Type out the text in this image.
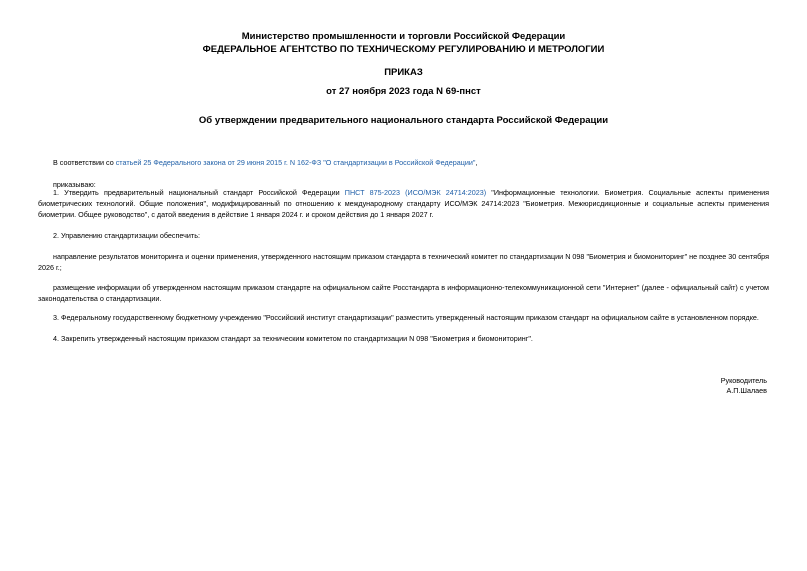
Министерство промышленности и торговли Российской Федерации
ФЕДЕРАЛЬНОЕ АГЕНТСТВО ПО ТЕХНИЧЕСКОМУ РЕГУЛИРОВАНИЮ И МЕТРОЛОГИИ
ПРИКАЗ
от 27 ноября 2023 года N 69-пнст
Об утверждении предварительного национального стандарта Российской Федерации
В соответствии со статьей 25 Федерального закона от 29 июня 2015 г. N 162-ФЗ "О стандартизации в Российской Федерации",
приказываю:
1. Утвердить предварительный национальный стандарт Российской Федерации ПНСТ 875-2023 (ИСО/МЭК 24714:2023) "Информационные технологии. Биометрия. Социальные аспекты применения биометрических технологий. Общие положения", модифицированный по отношению к международному стандарту ИСО/МЭК 24714:2023 "Биометрия. Межюрисдикционные и социальные аспекты применения биометрии. Общее руководство", с датой введения в действие 1 января 2024 г. и сроком действия до 1 января 2027 г.
2. Управлению стандартизации обеспечить:
направление результатов мониторинга и оценки применения, утвержденного настоящим приказом стандарта в технический комитет по стандартизации N 098 "Биометрия и биомониторинг" не позднее 30 сентября 2026 г.;
размещение информации об утвержденном настоящим приказом стандарте на официальном сайте Росстандарта в информационно-телекоммуникационной сети "Интернет" (далее - официальный сайт) с учетом законодательства о стандартизации.
3. Федеральному государственному бюджетному учреждению "Российский институт стандартизации" разместить утвержденный настоящим приказом стандарт на официальном сайте в установленном порядке.
4. Закрепить утвержденный настоящим приказом стандарт за техническим комитетом по стандартизации N 098 "Биометрия и биомониторинг".
Руководитель
А.П.Шалаев
